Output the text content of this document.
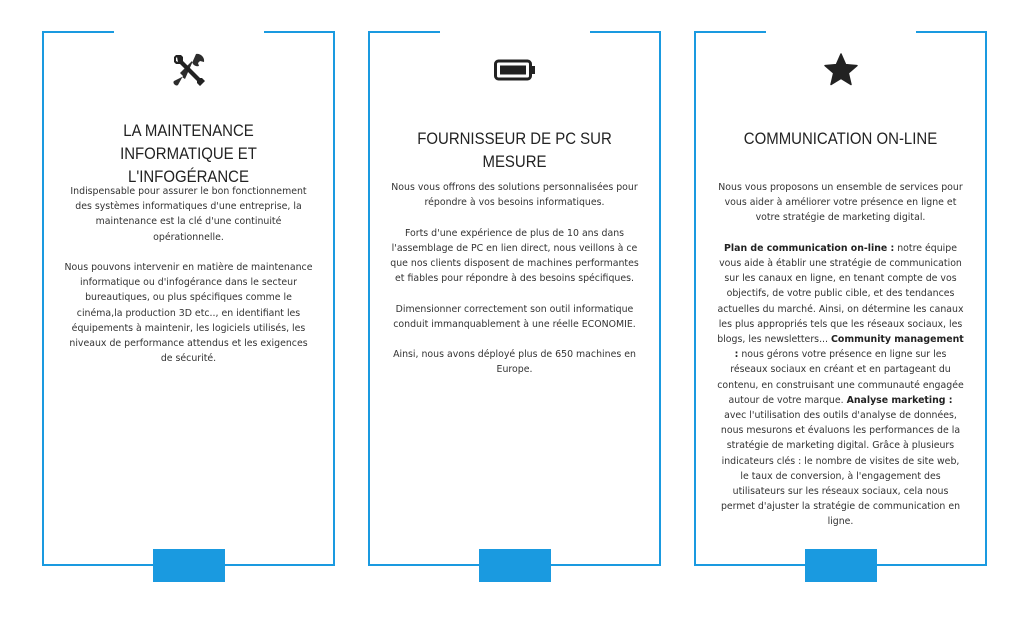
LA MAINTENANCE INFORMATIQUE ET
L'INFOGÉRANCE

Indispensable pour assurer le bon fonctionnement des systèmes informatiques d'une entreprise, la maintenance est la clé d'une continuité opérationnelle.

Nous pouvons intervenir en matière de maintenance informatique ou d'infogérance dans le secteur bureautiques, ou plus spécifiques comme le cinéma,la production 3D etc.., en identifiant les équipements à maintenir, les logiciels utilisés, les niveaux de performance attendus et les exigences de sécurité.

FOURNISSEUR DE PC SUR MESURE

Nous vous offrons des solutions personnalisées pour répondre à vos besoins informatiques.

Forts d'une expérience de plus de 10 ans dans l'assemblage de PC en lien direct, nous veillons à ce que nos clients disposent de machines performantes et fiables pour répondre à des besoins spécifiques.

Dimensionner correctement son outil informatique conduit immanquablement à une réelle ECONOMIE.

Ainsi, nous avons déployé plus de 650 machines en Europe.

COMMUNICATION ON-LINE

Nous vous proposons un ensemble de services pour vous aider à améliorer votre présence en ligne et votre stratégie de marketing digital.

Plan de communication on-line : notre équipe vous aide à établir une stratégie de communication sur les canaux en ligne, en tenant compte de vos objectifs, de votre public cible, et des tendances actuelles du marché. Ainsi, on détermine les canaux les plus appropriés tels que les réseaux sociaux, les blogs, les newsletters... Community management : nous gérons votre présence en ligne sur les réseaux sociaux en créant et en partageant du contenu, en construisant une communauté engagée autour de votre marque. Analyse marketing : avec l'utilisation des outils d'analyse de données, nous mesurons et évaluons les performances de la stratégie de marketing digital. Grâce à plusieurs indicateurs clés : le nombre de visites de site web, le taux de conversion, à l'engagement des utilisateurs sur les réseaux sociaux, cela nous permet d'ajuster la stratégie de communication en ligne.
